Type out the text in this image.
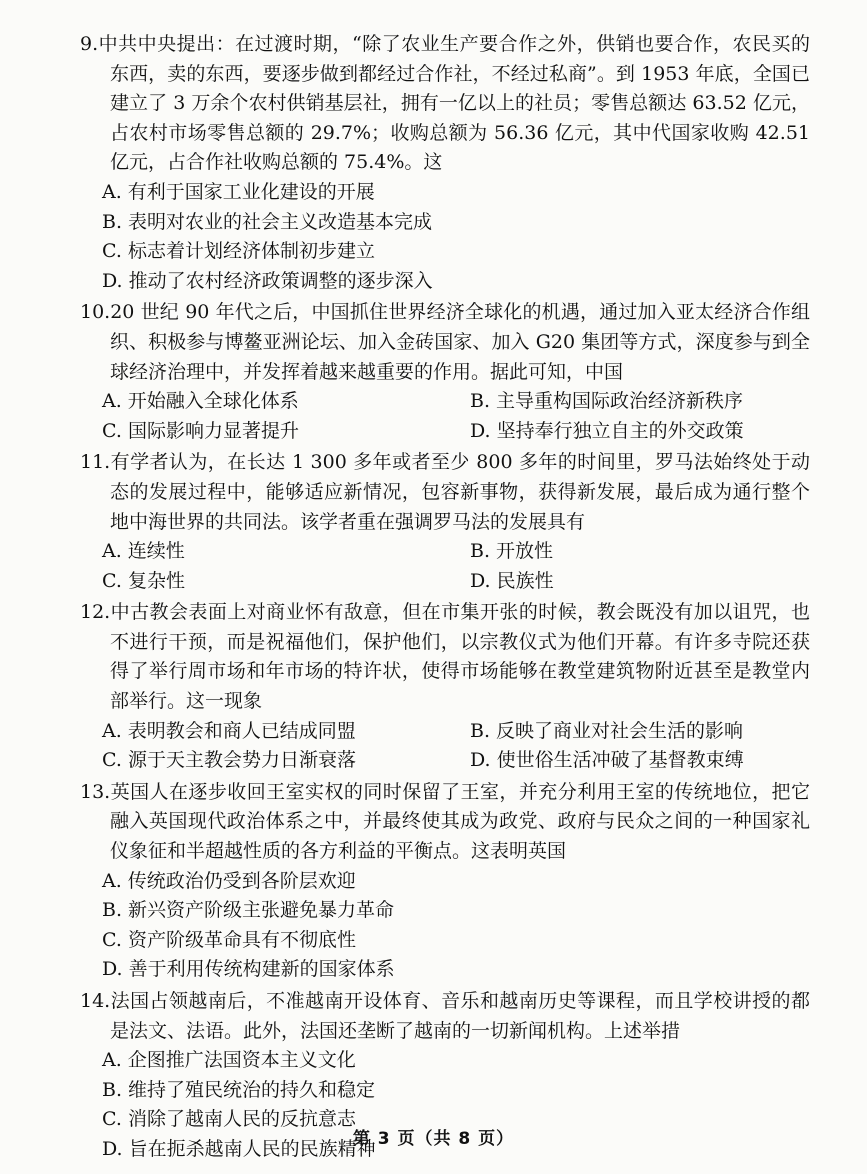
9.中共中央提出：在过渡时期，“除了农业生产要合作之外，供销也要合作，农民买的东西，卖的东西，要逐步做到都经过合作社，不经过私商”。到 1953 年底，全国已建立了 3 万余个农村供销基层社，拥有一亿以上的社员；零售总额达 63.52 亿元，占农村市场零售总额的 29.7%；收购总额为 56.36 亿元，其中代国家收购 42.51 亿元，占合作社收购总额的 75.4%。这
A. 有利于国家工业化建设的开展
B. 表明对农业的社会主义改造基本完成
C. 标志着计划经济体制初步建立
D. 推动了农村经济政策调整的逐步深入
10.20 世纪 90 年代之后，中国抓住世界经济全球化的机遇，通过加入亚太经济合作组织、积极参与博鳌亚洲论坛、加入金砖国家、加入 G20 集团等方式，深度参与到全球经济治理中，并发挥着越来越重要的作用。据此可知，中国
A. 开始融入全球化体系	B. 主导重构国际政治经济新秩序
C. 国际影响力显著提升	D. 坚持奉行独立自主的外交政策
11.有学者认为，在长达 1 300 多年或者至少 800 多年的时间里，罗马法始终处于动态的发展过程中，能够适应新情况，包容新事物，获得新发展，最后成为通行整个地中海世界的共同法。该学者重在强调罗马法的发展具有
A. 连续性	B. 开放性
C. 复杂性	D. 民族性
12.中古教会表面上对商业怀有敌意，但在市集开张的时候，教会既没有加以诅咒，也不进行干预，而是祝福他们，保护他们，以宗教仪式为他们开幕。有许多寺院还获得了举行周市场和年市场的特许状，使得市场能够在教堂建筑物附近甚至是教堂内部举行。这一现象
A. 表明教会和商人已结成同盟	B. 反映了商业对社会生活的影响
C. 源于天主教会势力日渐衰落	D. 使世俗生活冲破了基督教束缚
13.英国人在逐步收回王室实权的同时保留了王室，并充分利用王室的传统地位，把它融入英国现代政治体系之中，并最终使其成为政党、政府与民众之间的一种国家礼仪象征和半超越性质的各方利益的平衡点。这表明英国
A. 传统政治仍受到各阶层欢迎
B. 新兴资产阶级主张避免暴力革命
C. 资产阶级革命具有不彻底性
D. 善于利用传统构建新的国家体系
14.法国占领越南后，不准越南开设体育、音乐和越南历史等课程，而且学校讲授的都是法文、法语。此外，法国还垄断了越南的一切新闻机构。上述举措
A. 企图推广法国资本主义文化
B. 维持了殖民统治的持久和稳定
C. 消除了越南人民的反抗意志
D. 旨在扼杀越南人民的民族精神
第 3 页（共 8 页）
